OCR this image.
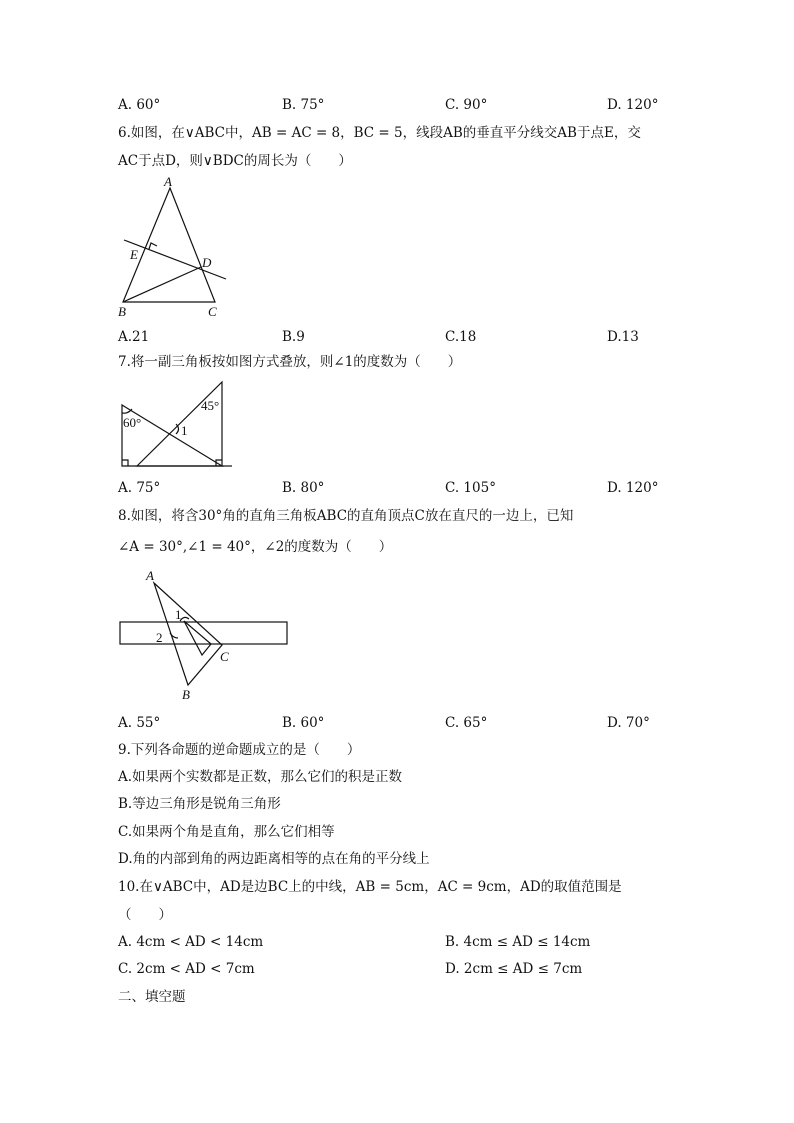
A. 60°	B. 75°	C. 90°	D. 120°
6.如图，在∨ABC中，AB = AC = 8，BC = 5，线段AB的垂直平分线交AB于点E，交
AC于点D，则∨BDC的周长为（　　）
A
E
D
B	C
A.21	B.9	C.18	D.13
7.将一副三角板按如图方式叠放，则∠1的度数为（　　）
60°
45°
1
A. 75°	B. 80°	C. 105°	D. 120°
8.如图，将含30°角的直角三角板ABC的直角顶点C放在直尺的一边上，已知
∠A = 30°,∠1 = 40°，∠2的度数为（　　）
A
1
2
C
B
A. 55°	B. 60°	C. 65°	D. 70°
9.下列各命题的逆命题成立的是（　　）
A.如果两个实数都是正数，那么它们的积是正数
B.等边三角形是锐角三角形
C.如果两个角是直角，那么它们相等
D.角的内部到角的两边距离相等的点在角的平分线上
10.在∨ABC中，AD是边BC上的中线，AB = 5cm，AC = 9cm，AD的取值范围是
（　　）
A. 4cm < AD < 14cm	B. 4cm ≤ AD ≤ 14cm
C. 2cm < AD < 7cm	D. 2cm ≤ AD ≤ 7cm
二、填空题
